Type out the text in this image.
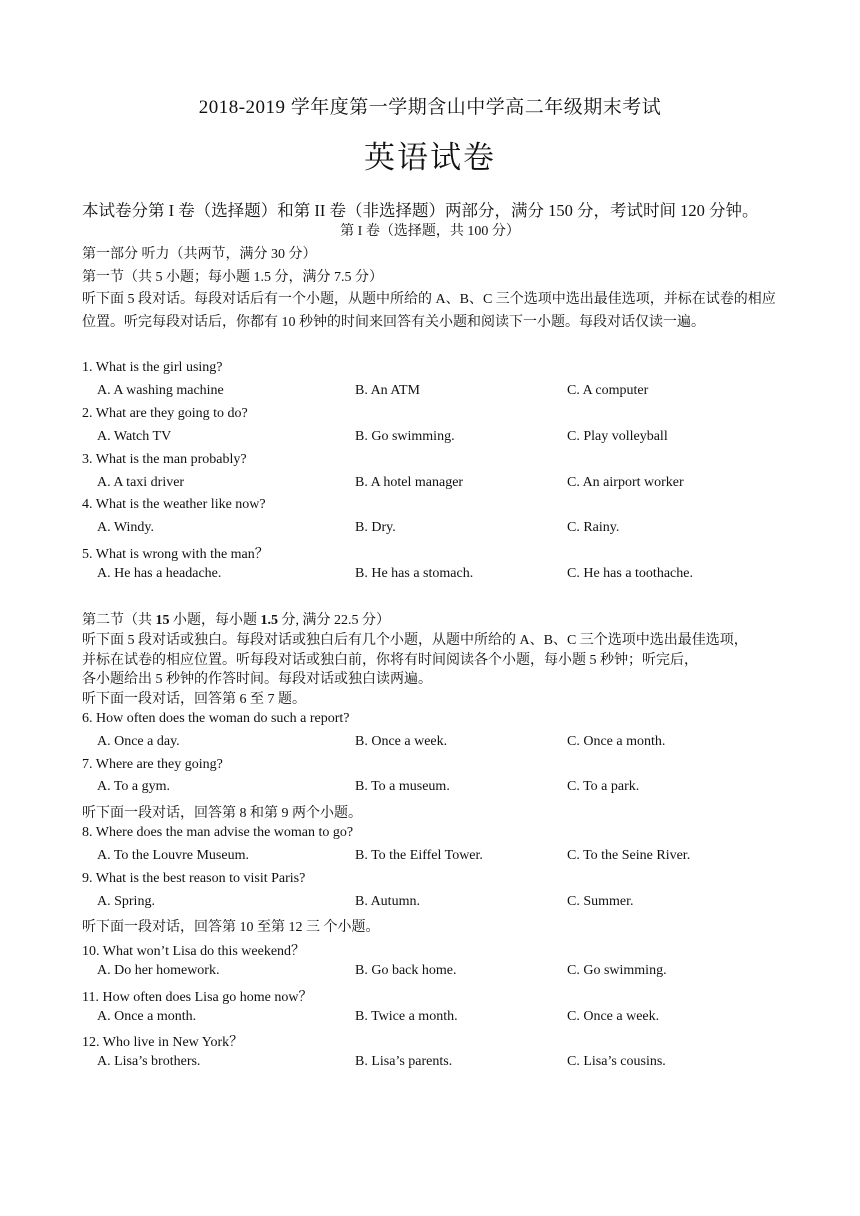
2018-2019 学年度第一学期含山中学高二年级期末考试
英语试卷
本试卷分第 I 卷（选择题）和第 II 卷（非选择题）两部分，满分 150 分，考试时间 120 分钟。
第 I 卷（选择题，共 100 分）
第一部分 听力（共两节，满分 30 分）
第一节（共 5 小题；每小题 1.5 分，满分 7.5 分）
听下面 5 段对话。每段对话后有一个小题，从题中所给的 A、B、C 三个选项中选出最佳选项，并标在试卷的相应位置。听完每段对话后，你都有 10 秒钟的时间来回答有关小题和阅读下一小题。每段对话仅读一遍。
1. What is the girl using?
A. A washing machine	B. An ATM	C. A computer
2. What are they going to do?
A. Watch TV	B. Go swimming.	C. Play volleyball
3. What is the man probably?
A. A taxi driver	B. A hotel manager	C. An airport worker
4. What is the weather like now?
A. Windy.	B. Dry.	C. Rainy.
5. What is wrong with the man？
A. He has a headache.	B. He has a stomach.	C. He has a toothache.
第二节（共 15 小题，每小题 1.5 分, 满分 22.5 分）
听下面 5 段对话或独白。每段对话或独白后有几个小题，从题中所给的 A、B、C 三个选项中选出最佳选项，
并标在试卷的相应位置。听每段对话或独白前，你将有时间阅读各个小题，每小题 5 秒钟；听完后，
各小题给出 5 秒钟的作答时间。每段对话或独白读两遍。
听下面一段对话，回答第 6 至 7 题。
6. How often does the woman do such a report?
A. Once a day.	B. Once a week.	C. Once a month.
7. Where are they going?
A. To a gym.	B. To a museum.	C. To a park.
听下面一段对话，回答第 8 和第 9 两个小题。
8. Where does the man advise the woman to go?
A. To the Louvre Museum.	B. To the Eiffel Tower.	C. To the Seine River.
9. What is the best reason to visit Paris?
A. Spring.	B. Autumn.	C. Summer.
听下面一段对话，回答第 10 至第 12 三 个小题。
10. What won’t Lisa do this weekend？
A. Do her homework.	B. Go back home.	C. Go swimming.
11. How often does Lisa go home now？
A. Once a month.	B. Twice a month.	C. Once a week.
12. Who live in New York？
A. Lisa’s brothers.	B. Lisa’s parents.	C. Lisa’s cousins.
